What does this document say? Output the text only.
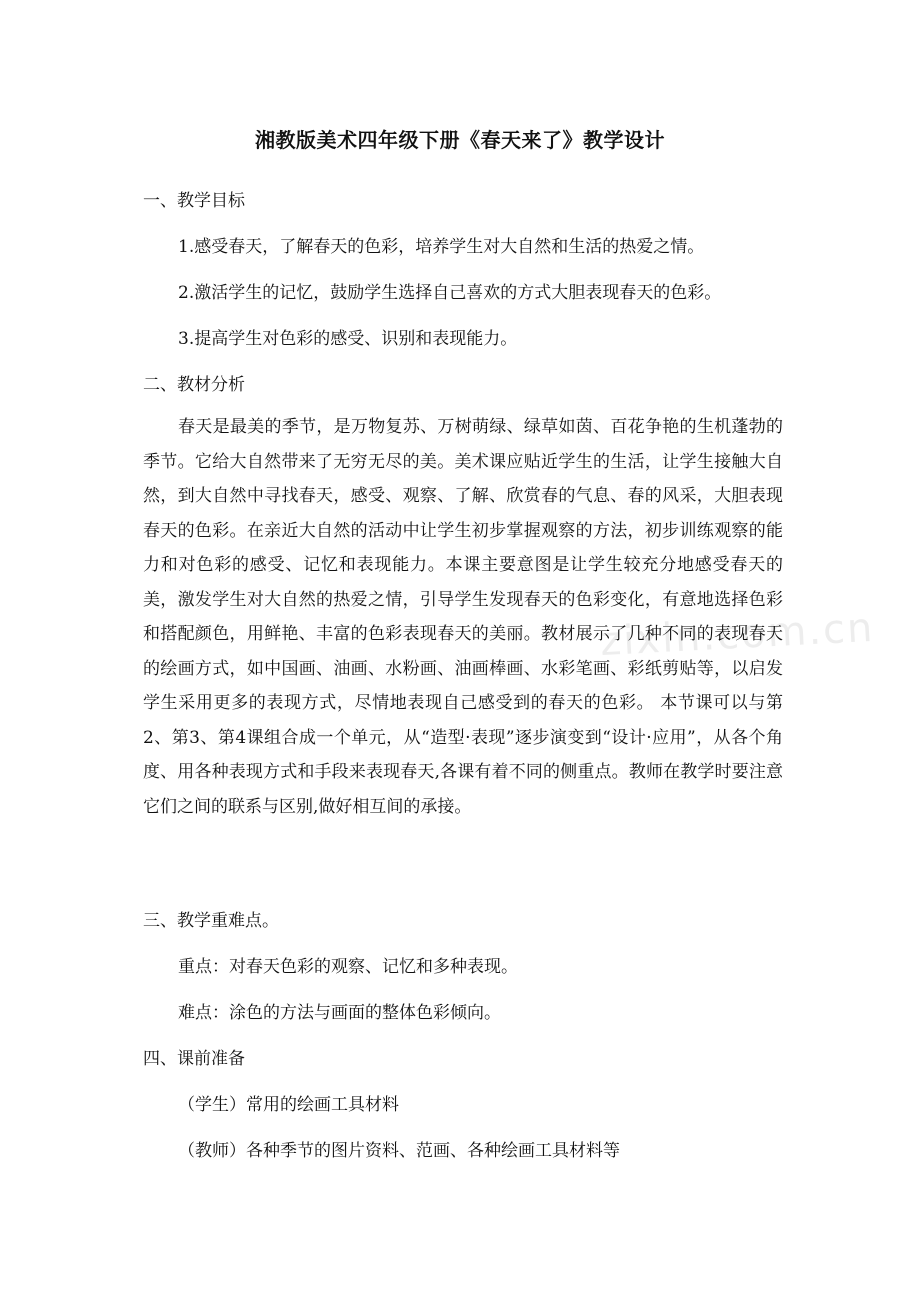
湘教版美术四年级下册《春天来了》教学设计
一、教学目标
1.感受春天，了解春天的色彩，培养学生对大自然和生活的热爱之情。
2.激活学生的记忆，鼓励学生选择自己喜欢的方式大胆表现春天的色彩。
3.提高学生对色彩的感受、识别和表现能力。
二、教材分析

春天是最美的季节，是万物复苏、万树萌绿、绿草如茵、百花争艳的生机蓬勃的季节。它给大自然带来了无穷无尽的美。美术课应贴近学生的生活，让学生接触大自然，到大自然中寻找春天，感受、观察、了解、欣赏春的气息、春的风采，大胆表现春天的色彩。在亲近大自然的活动中让学生初步掌握观察的方法，初步训练观察的能力和对色彩的感受、记忆和表现能力。本课主要意图是让学生较充分地感受春天的美，激发学生对大自然的热爱之情，引导学生发现春天的色彩变化，有意地选择色彩和搭配颜色，用鲜艳、丰富的色彩表现春天的美丽。教材展示了几种不同的表现春天的绘画方式，如中国画、油画、水粉画、油画棒画、水彩笔画、彩纸剪贴等，以启发学生采用更多的表现方式，尽情地表现自己感受到的春天的色彩。 本节课可以与第2、第3、第4课组合成一个单元，从“造型·表现”逐步演变到“设计·应用”，从各个角度、用各种表现方式和手段来表现春天,各课有着不同的侧重点。教师在教学时要注意它们之间的联系与区别,做好相互间的承接。

三、教学重难点。
重点：对春天色彩的观察、记忆和多种表现。
难点：涂色的方法与画面的整体色彩倾向。
四、课前准备
（学生）常用的绘画工具材料
（教师）各种季节的图片资料、范画、各种绘画工具材料等
zixin.com.cn
